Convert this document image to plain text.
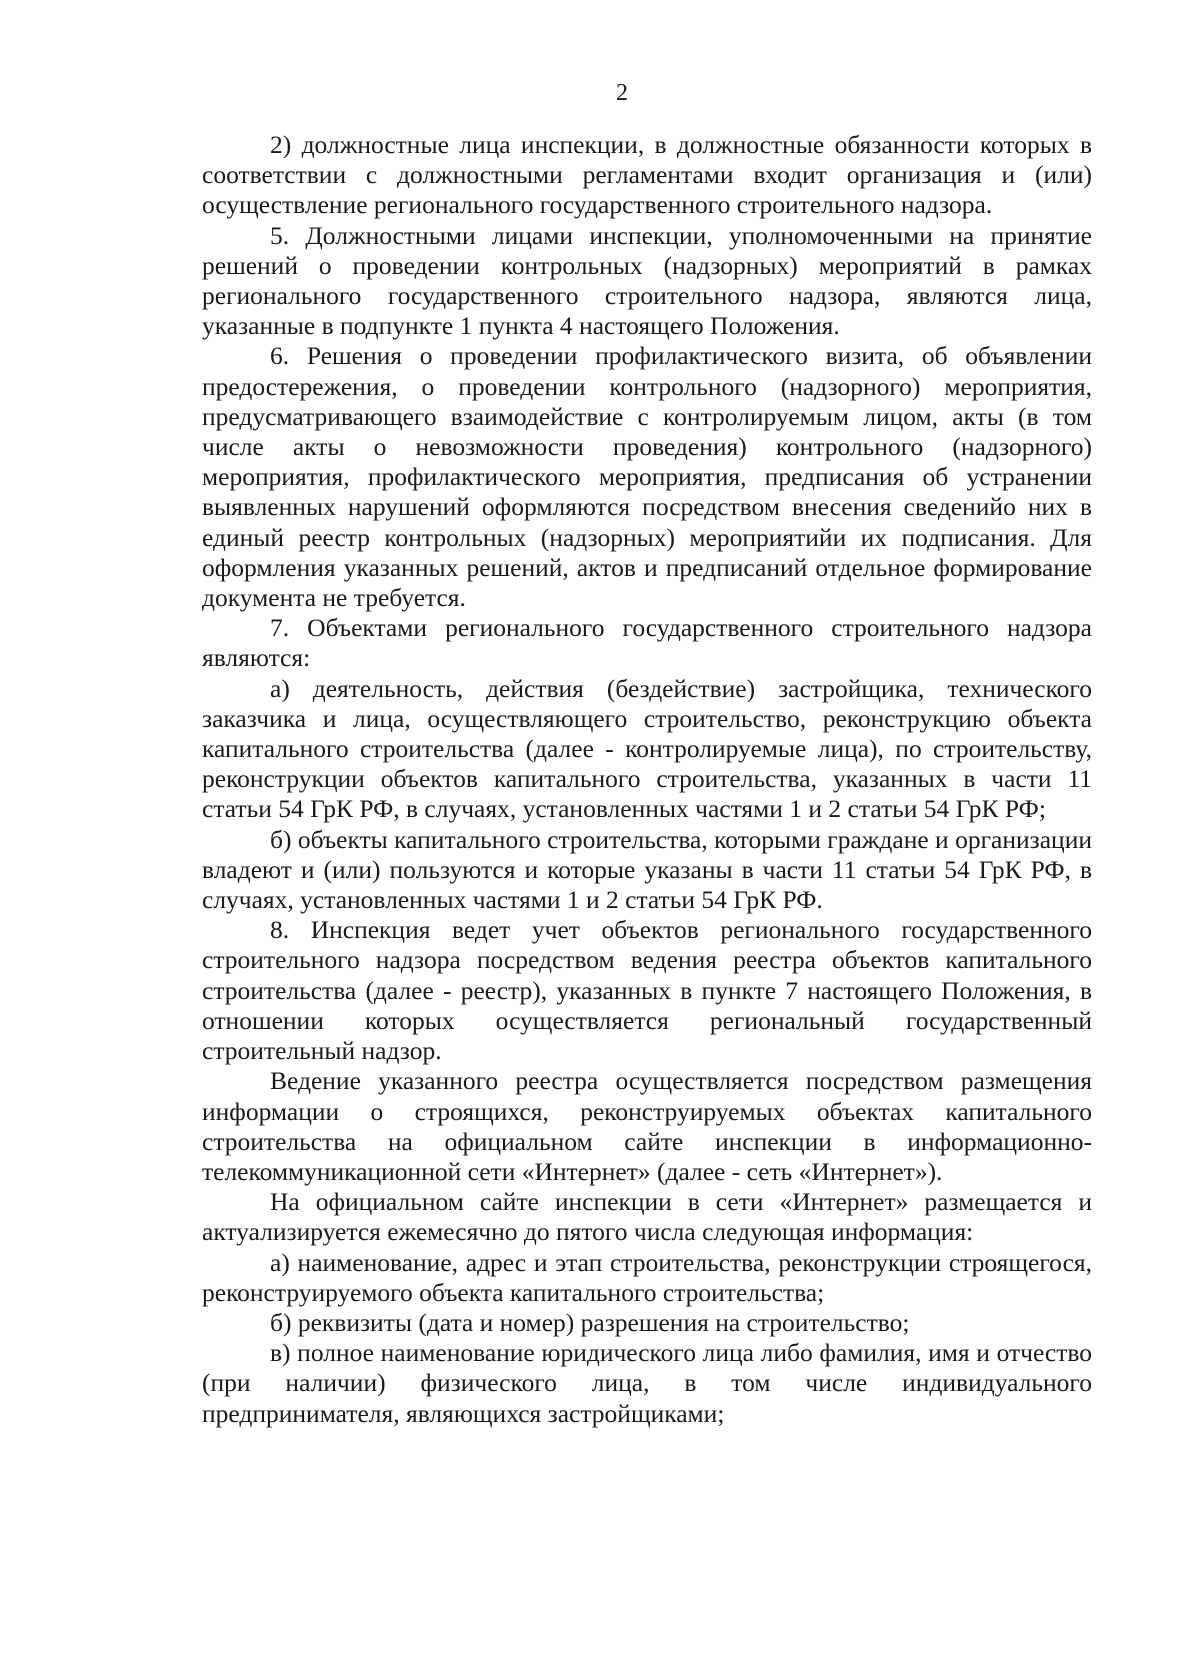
2

2) должностные лица инспекции, в должностные обязанности которых в соответствии с должностными регламентами входит организация и (или) осуществление регионального государственного строительного надзора.

5. Должностными лицами инспекции, уполномоченными на принятие решений о проведении контрольных (надзорных) мероприятий в рамках регионального государственного строительного надзора, являются лица, указанные в подпункте 1 пункта 4 настоящего Положения.

6. Решения о проведении профилактического визита, об объявлении предостережения, о проведении контрольного (надзорного) мероприятия, предусматривающего взаимодействие с контролируемым лицом, акты (в том числе акты о невозможности проведения) контрольного (надзорного) мероприятия, профилактического мероприятия, предписания об устранении выявленных нарушений оформляются посредством внесения сведенийо них в единый реестр контрольных (надзорных) мероприятийи их подписания. Для оформления указанных решений, актов и предписаний отдельное формирование документа не требуется.

7. Объектами регионального государственного строительного надзора являются:

а) деятельность, действия (бездействие) застройщика, технического заказчика и лица, осуществляющего строительство, реконструкцию объекта капитального строительства (далее - контролируемые лица), по строительству, реконструкции объектов капитального строительства, указанных в части 11 статьи 54 ГрК РФ, в случаях, установленных частями 1 и 2 статьи 54 ГрК РФ;

б) объекты капитального строительства, которыми граждане и организации владеют и (или) пользуются и которые указаны в части 11 статьи 54 ГрК РФ, в случаях, установленных частями 1 и 2 статьи 54 ГрК РФ.

8. Инспекция ведет учет объектов регионального государственного строительного надзора посредством ведения реестра объектов капитального строительства (далее - реестр), указанных в пункте 7 настоящего Положения, в отношении которых осуществляется региональный государственный строительный надзор.

Ведение указанного реестра осуществляется посредством размещения информации о строящихся, реконструируемых объектах капитального строительства на официальном сайте инспекции в информационно-телекоммуникационной сети «Интернет» (далее - сеть «Интернет»).

На официальном сайте инспекции в сети «Интернет» размещается и актуализируется ежемесячно до пятого числа следующая информация:

а) наименование, адрес и этап строительства, реконструкции строящегося, реконструируемого объекта капитального строительства;

б) реквизиты (дата и номер) разрешения на строительство;

в) полное наименование юридического лица либо фамилия, имя и отчество (при наличии) физического лица, в том числе индивидуального предпринимателя, являющихся застройщиками;
